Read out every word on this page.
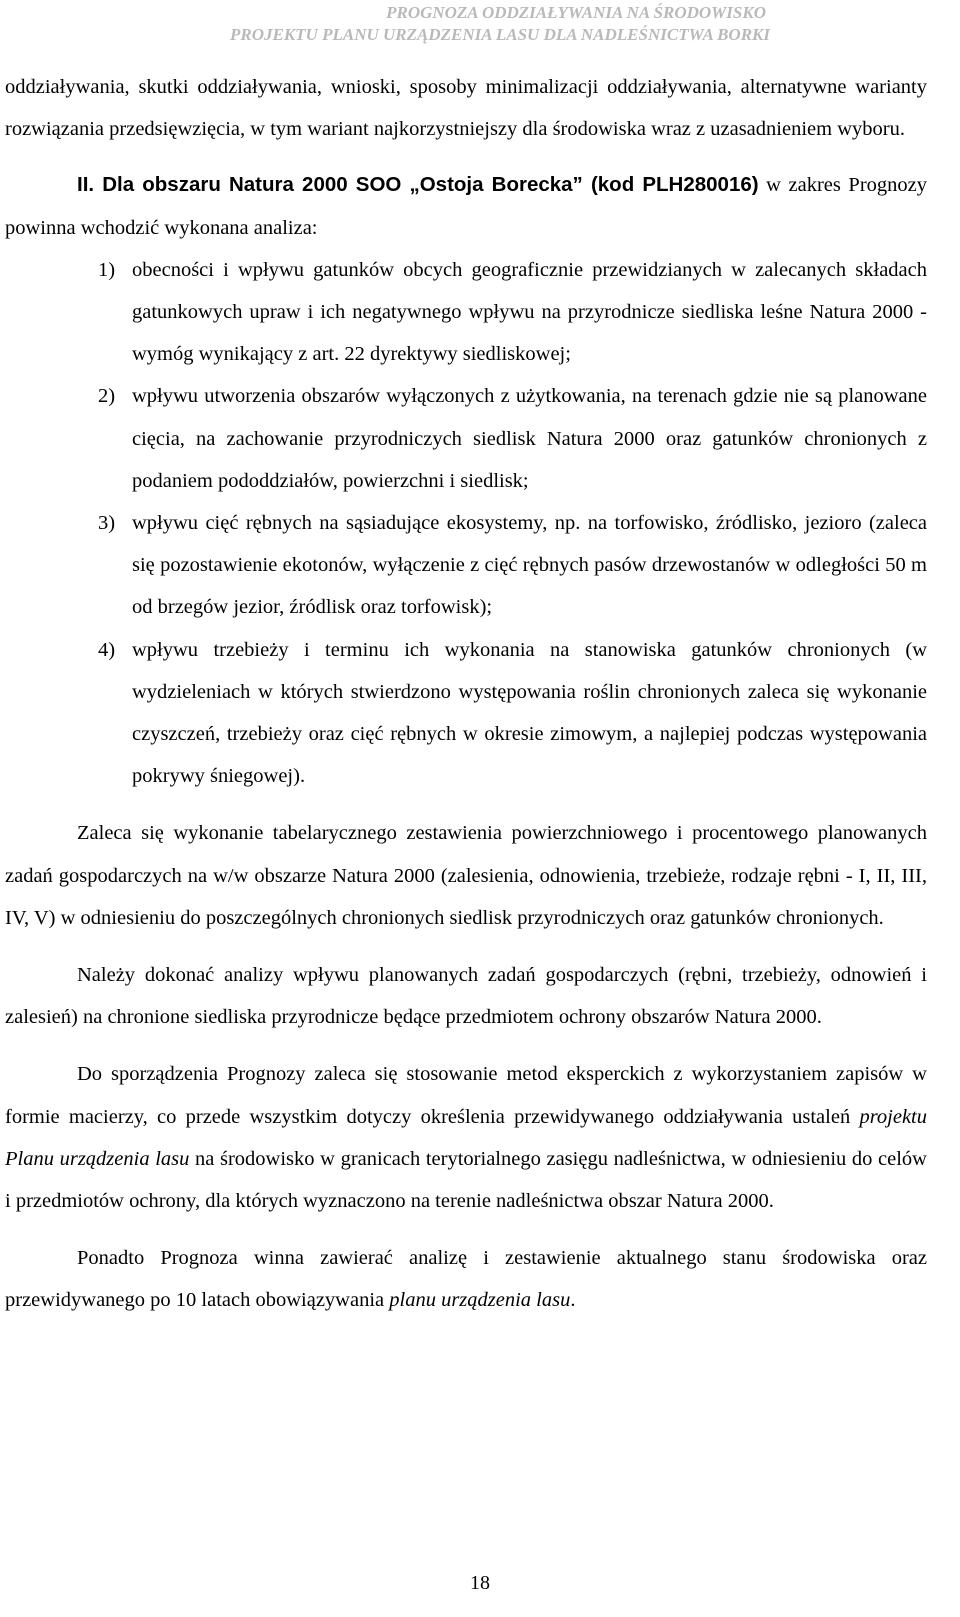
PROGNOZA ODDZIAŁYWANIA NA ŚRODOWISKO
PROJEKTU PLANU URZĄDZENIA LASU DLA NADLEŚNICTWA BORKI

oddziaływania, skutki oddziaływania, wnioski, sposoby minimalizacji oddziaływania, alternatywne warianty rozwiązania przedsięwzięcia, w tym wariant najkorzystniejszy dla środowiska wraz z uzasadnieniem wyboru.

II. Dla obszaru Natura 2000 SOO „Ostoja Borecka” (kod PLH280016) w zakres Prognozy powinna wchodzić wykonana analiza:

1) obecności i wpływu gatunków obcych geograficznie przewidzianych w zalecanych składach gatunkowych upraw i ich negatywnego wpływu na przyrodnicze siedliska leśne Natura 2000 - wymóg wynikający z art. 22 dyrektywy siedliskowej;
2) wpływu utworzenia obszarów wyłączonych z użytkowania, na terenach gdzie nie są planowane cięcia, na zachowanie przyrodniczych siedlisk Natura 2000 oraz gatunków chronionych z podaniem pododdziałów, powierzchni i siedlisk;
3) wpływu cięć rębnych na sąsiadujące ekosystemy, np. na torfowisko, źródlisko, jezioro (zaleca się pozostawienie ekotonów, wyłączenie z cięć rębnych pasów drzewostanów w odległości 50 m od brzegów jezior, źródlisk oraz torfowisk);
4) wpływu trzebieży i terminu ich wykonania na stanowiska gatunków chronionych (w wydzieleniach w których stwierdzono występowania roślin chronionych zaleca się wykonanie czyszczeń, trzebieży oraz cięć rębnych w okresie zimowym, a najlepiej podczas występowania pokrywy śniegowej).

Zaleca się wykonanie tabelarycznego zestawienia powierzchniowego i procentowego planowanych zadań gospodarczych na w/w obszarze Natura 2000 (zalesienia, odnowienia, trzebieże, rodzaje rębni - I, II, III, IV, V) w odniesieniu do poszczególnych chronionych siedlisk przyrodniczych oraz gatunków chronionych.

Należy dokonać analizy wpływu planowanych zadań gospodarczych (rębni, trzebieży, odnowień i zalesień) na chronione siedliska przyrodnicze będące przedmiotem ochrony obszarów Natura 2000.

Do sporządzenia Prognozy zaleca się stosowanie metod eksperckich z wykorzystaniem zapisów w formie macierzy, co przede wszystkim dotyczy określenia przewidywanego oddziaływania ustaleń projektu Planu urządzenia lasu na środowisko w granicach terytorialnego zasięgu nadleśnictwa, w odniesieniu do celów i przedmiotów ochrony, dla których wyznaczono na terenie nadleśnictwa obszar Natura 2000.

Ponadto Prognoza winna zawierać analizę i zestawienie aktualnego stanu środowiska oraz przewidywanego po 10 latach obowiązywania planu urządzenia lasu.

18
